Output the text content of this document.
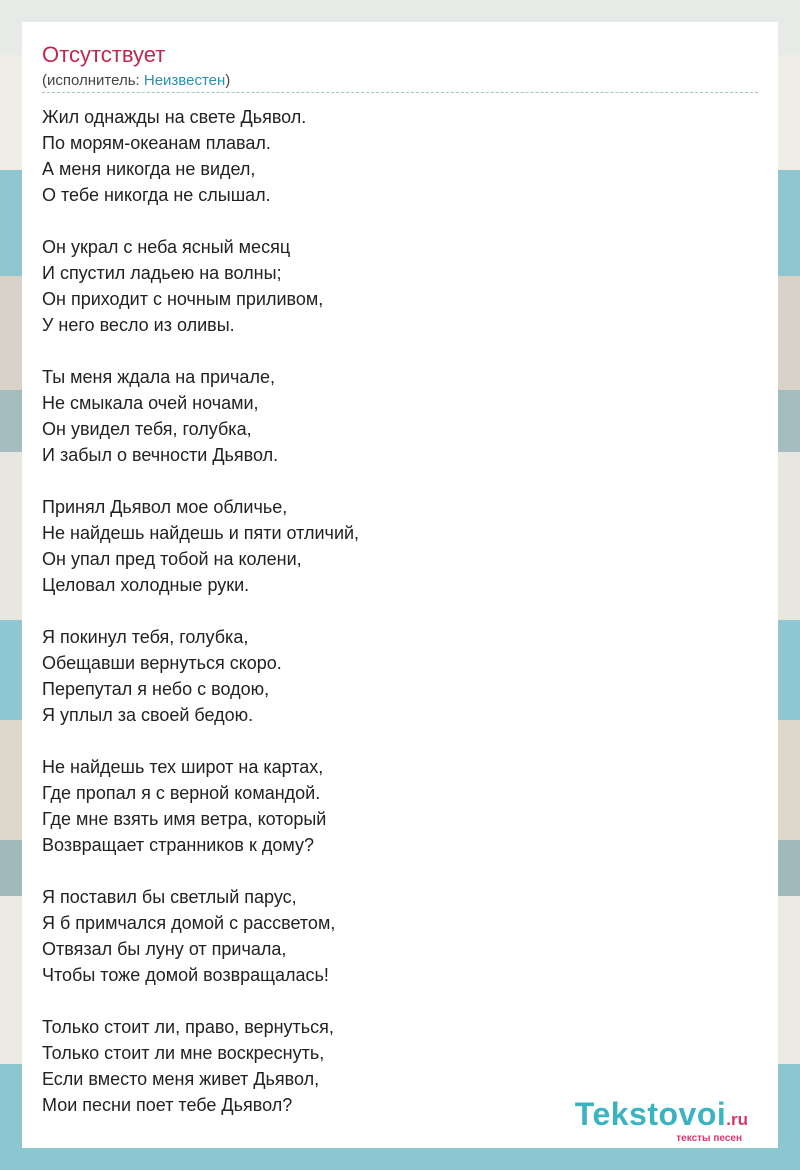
Отсутствует
(исполнитель: Неизвестен)
Жил однажды на свете Дьявол.
По морям-океанам плавал.
А меня никогда не видел,
О тебе никогда не слышал.
Он украл с неба ясный месяц
И спустил ладьею на волны;
Он приходит с ночным приливом,
У него весло из оливы.
Ты меня ждала на причале,
Не смыкала очей ночами,
Он увидел тебя, голубка,
И забыл о вечности Дьявол.
Принял Дьявол мое обличье,
Не найдешь найдешь и пяти отличий,
Он упал пред тобой на колени,
Целовал холодные руки.
Я покинул тебя, голубка,
Обещавши вернуться скоро.
Перепутал я небо с водою,
Я уплыл за своей бедою.
Не найдешь тех широт на картах,
Где пропал я с верной командой.
Где мне взять имя ветра, который
Возвращает странников к дому?
Я поставил бы светлый парус,
Я б примчался домой с рассветом,
Отвязал бы луну от причала,
Чтобы тоже домой возвращалась!
Только стоит ли, право, вернуться,
Только стоит ли мне воскреснуть,
Если вместо меня живет Дьявол,
Мои песни поет тебе Дьявол?	Tekstovoi.ru
тексты песен
